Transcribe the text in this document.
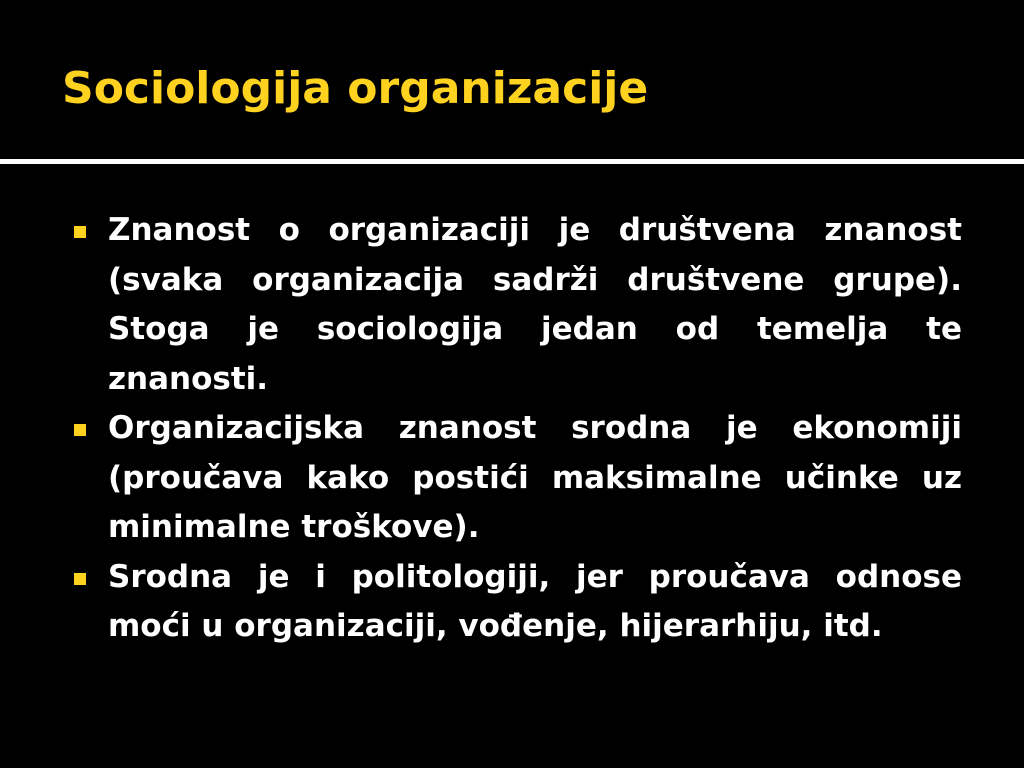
Sociologija organizacije
Znanost o organizaciji je društvena znanost (svaka organizacija sadrži društvene grupe). Stoga je sociologija jedan od temelja te znanosti.
Organizacijska znanost srodna je ekonomiji (proučava kako postići maksimalne učinke uz minimalne troškove).
Srodna je i politologiji, jer proučava odnose moći u organizaciji, vođenje, hijerarhiju, itd.
